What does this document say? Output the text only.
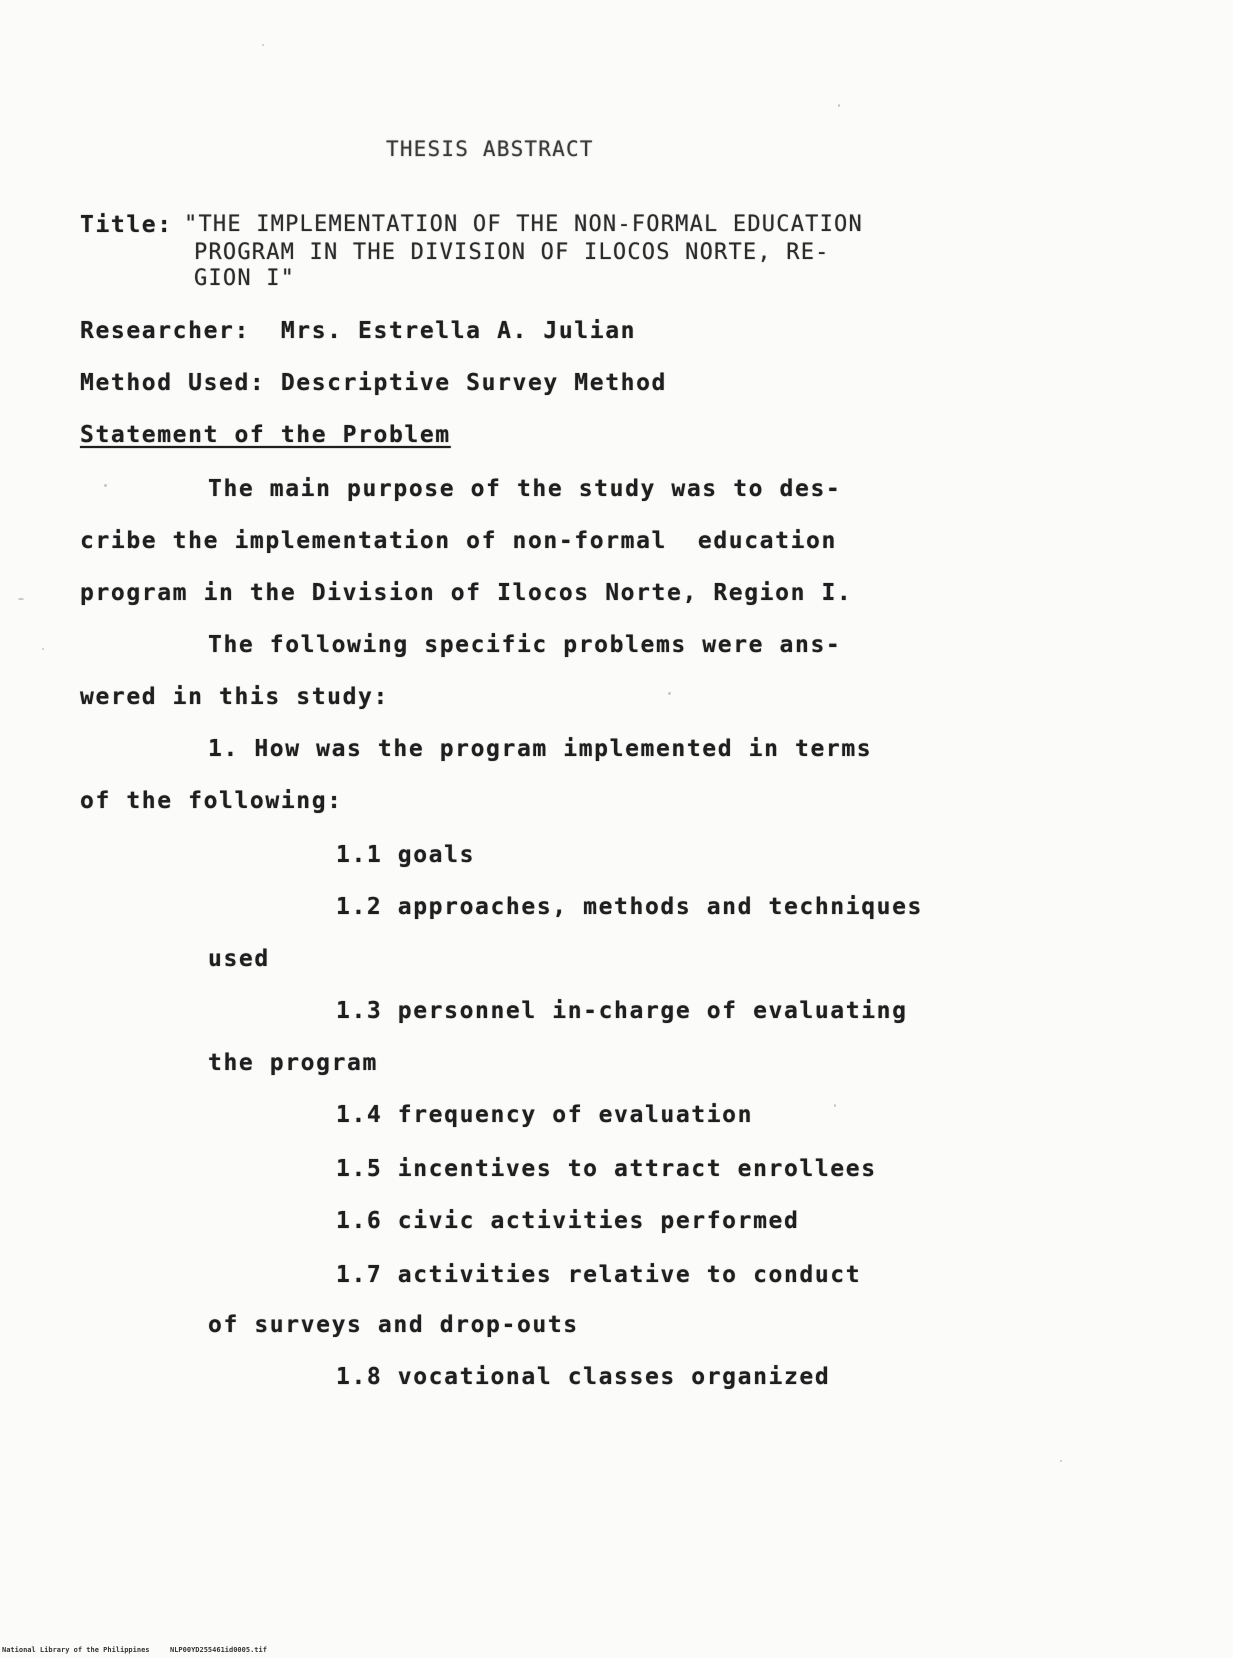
THESIS ABSTRACT
Title: "THE IMPLEMENTATION OF THE NON-FORMAL EDUCATION
PROGRAM IN THE DIVISION OF ILOCOS NORTE, RE-
GION I"
Researcher:  Mrs. Estrella A. Julian
Method Used: Descriptive Survey Method
Statement of the Problem
The main purpose of the study was to des-
cribe the implementation of non-formal  education
program in the Division of Ilocos Norte, Region I.
The following specific problems were ans-
wered in this study:
1. How was the program implemented in terms
of the following:
1.1 goals
1.2 approaches, methods and techniques
used
1.3 personnel in-charge of evaluating
the program
1.4 frequency of evaluation
1.5 incentives to attract enrollees
1.6 civic activities performed
1.7 activities relative to conduct
of surveys and drop-outs
1.8 vocational classes organized
National Library of the Philippines	NLP00YD255461id0005.tif
